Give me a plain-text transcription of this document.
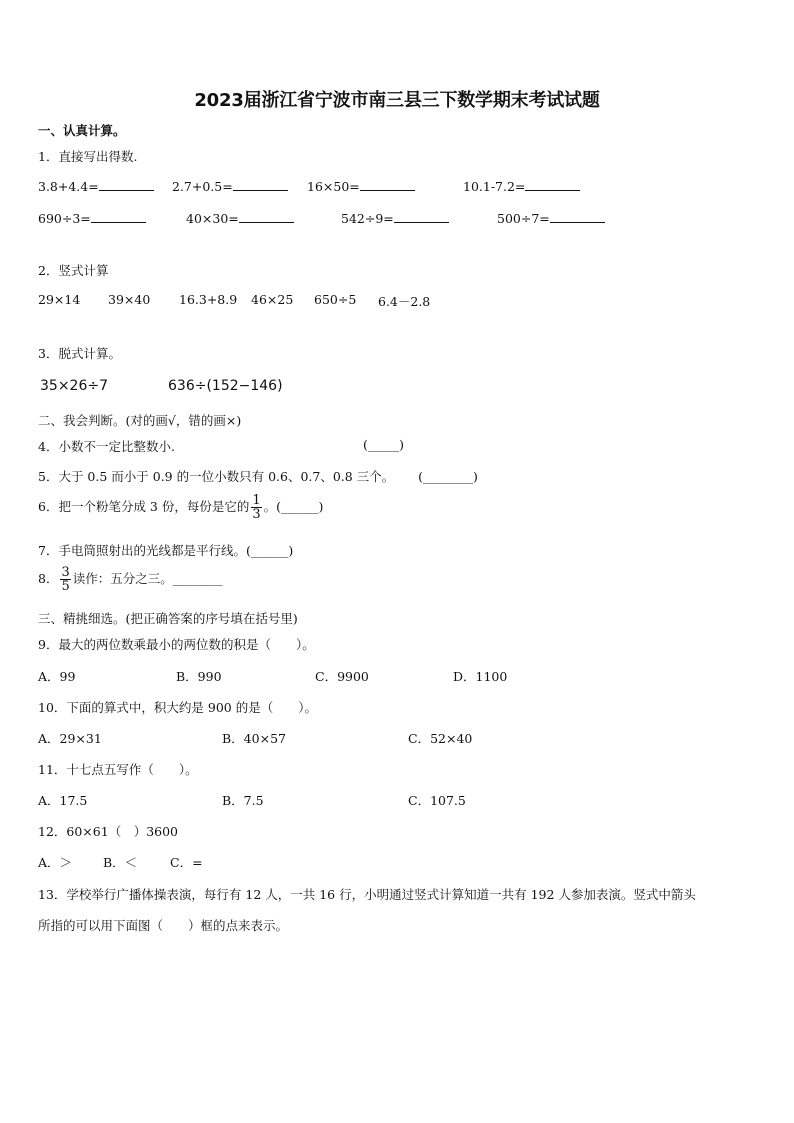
2023届浙江省宁波市南三县三下数学期末考试试题
一、认真计算。
1．直接写出得数.
3.8+4.4=	2.7+0.5=	16×50=	10.1-7.2=
690÷3=	40×30=	542÷9=	500÷7=
2．竖式计算
29×14 39×40 16.3+8.9 46×25 650÷5 6.4－2.8
3．脱式计算。
35×26÷7	636÷(152−146)
二、我会判断。(对的画√，错的画×)
4．小数不一定比整数小.	(_____)
5．大于 0.5 而小于 0.9 的一位小数只有 0.6、0.7、0.8 三个。 (________)
6．把一个粉笔分成 3 份，每份是它的 $\frac{1}{3}$ 。(______)
7．手电筒照射出的光线都是平行线。(______)
8． $\frac{3}{5}$ 读作：五分之三。________
三、精挑细选。(把正确答案的序号填在括号里)
9．最大的两位数乘最小的两位数的积是（　　）。
A．99	B．990	C．9900	D．1100
10．下面的算式中，积大约是 900 的是（　　）。
A．29×31	B．40×57	C．52×40
11．十七点五写作（　　）。
A．17.5	B．7.5	C．107.5
12．60×61（　）3600
A．＞ B．＜	C．=
13．学校举行广播体操表演，每行有 12 人，一共 16 行，小明通过竖式计算知道一共有 192 人参加表演。竖式中箭头
所指的可以用下面图（　　）框的点来表示。
